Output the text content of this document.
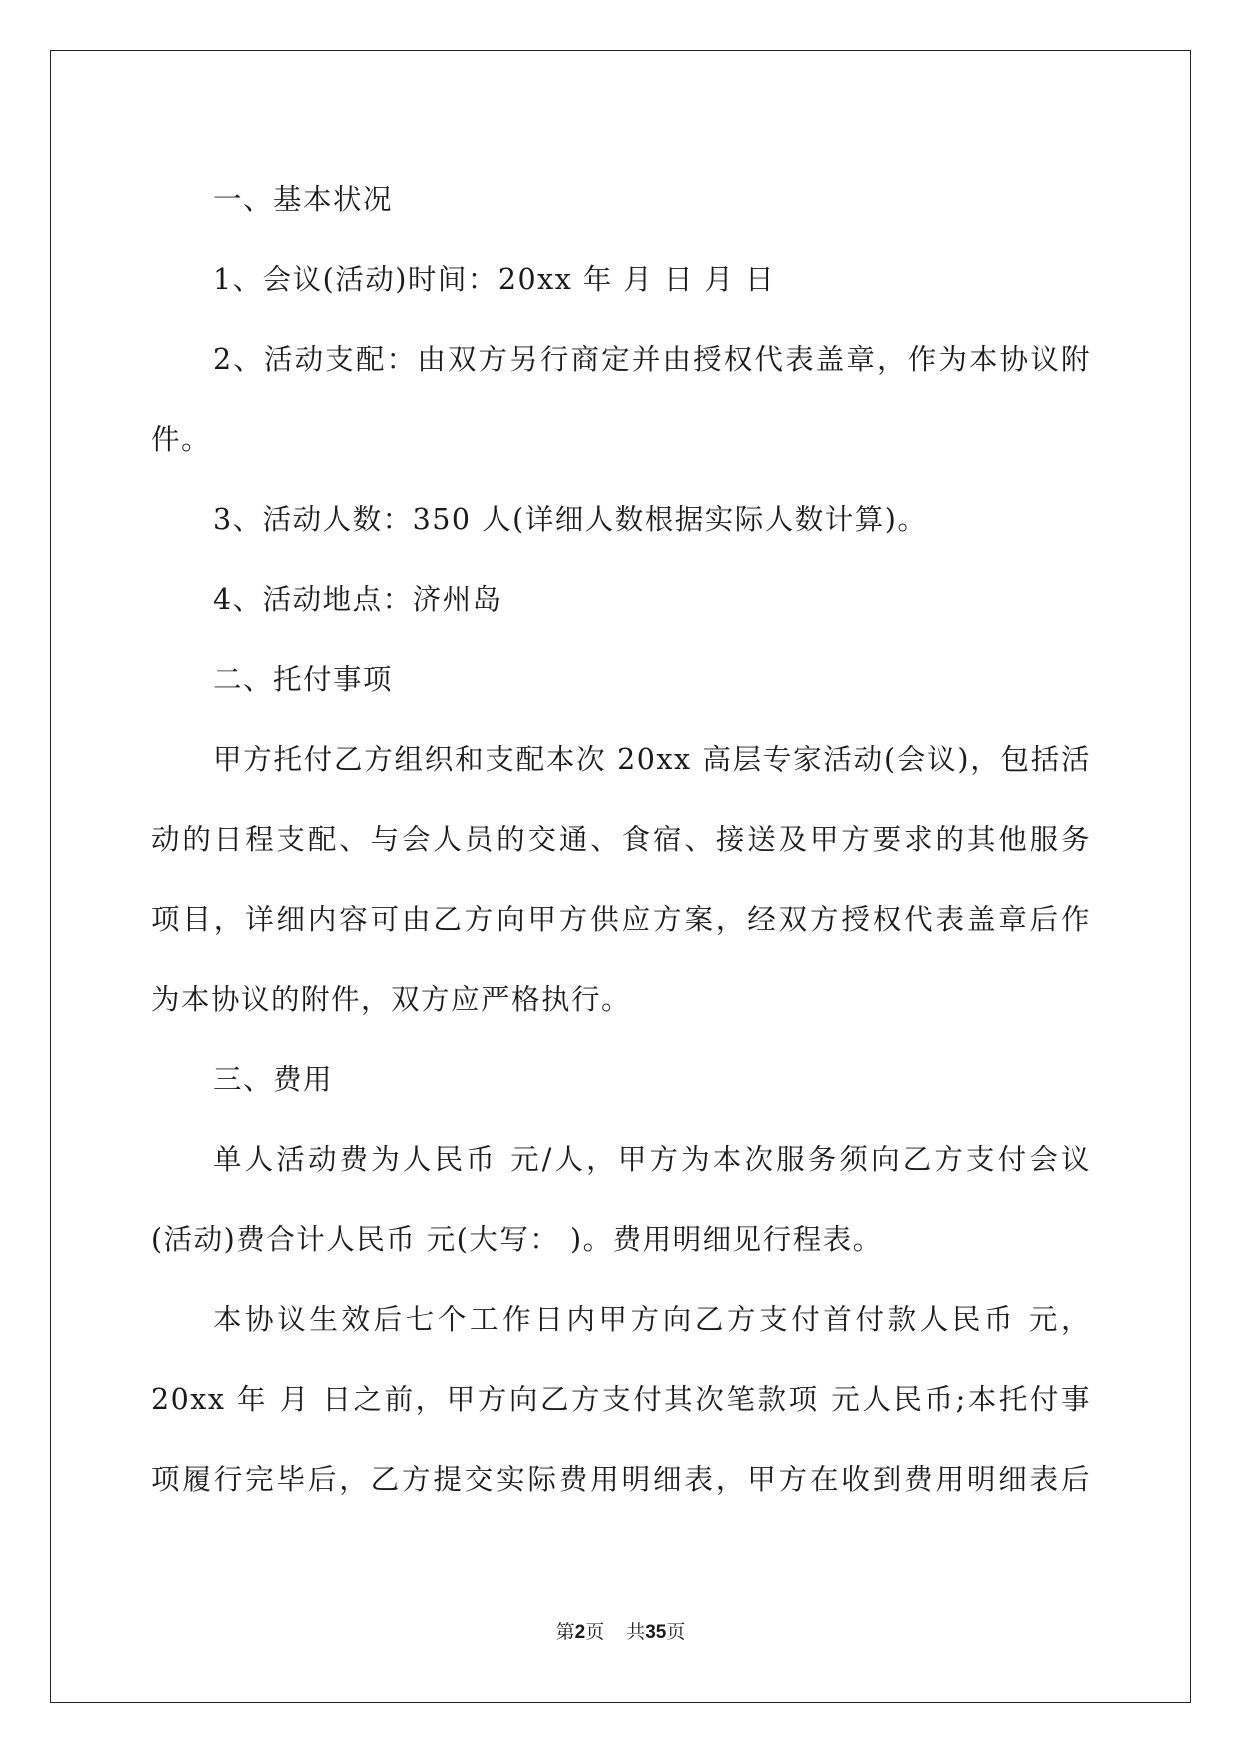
一、基本状况
1、会议(活动)时间：20xx 年 月 日 月 日
2、活动支配：由双方另行商定并由授权代表盖章，作为本协议附
件。
3、活动人数：350 人(详细人数根据实际人数计算)。
4、活动地点：济州岛
二、托付事项
甲方托付乙方组织和支配本次 20xx 高层专家活动(会议)，包括活
动的日程支配、与会人员的交通、食宿、接送及甲方要求的其他服务
项目，详细内容可由乙方向甲方供应方案，经双方授权代表盖章后作
为本协议的附件，双方应严格执行。
三、费用
单人活动费为人民币 元/人，甲方为本次服务须向乙方支付会议
(活动)费合计人民币 元(大写： )。费用明细见行程表。
本协议生效后七个工作日内甲方向乙方支付首付款人民币 元，
20xx 年 月 日之前，甲方向乙方支付其次笔款项 元人民币;本托付事
项履行完毕后，乙方提交实际费用明细表，甲方在收到费用明细表后
第2页 共35页
